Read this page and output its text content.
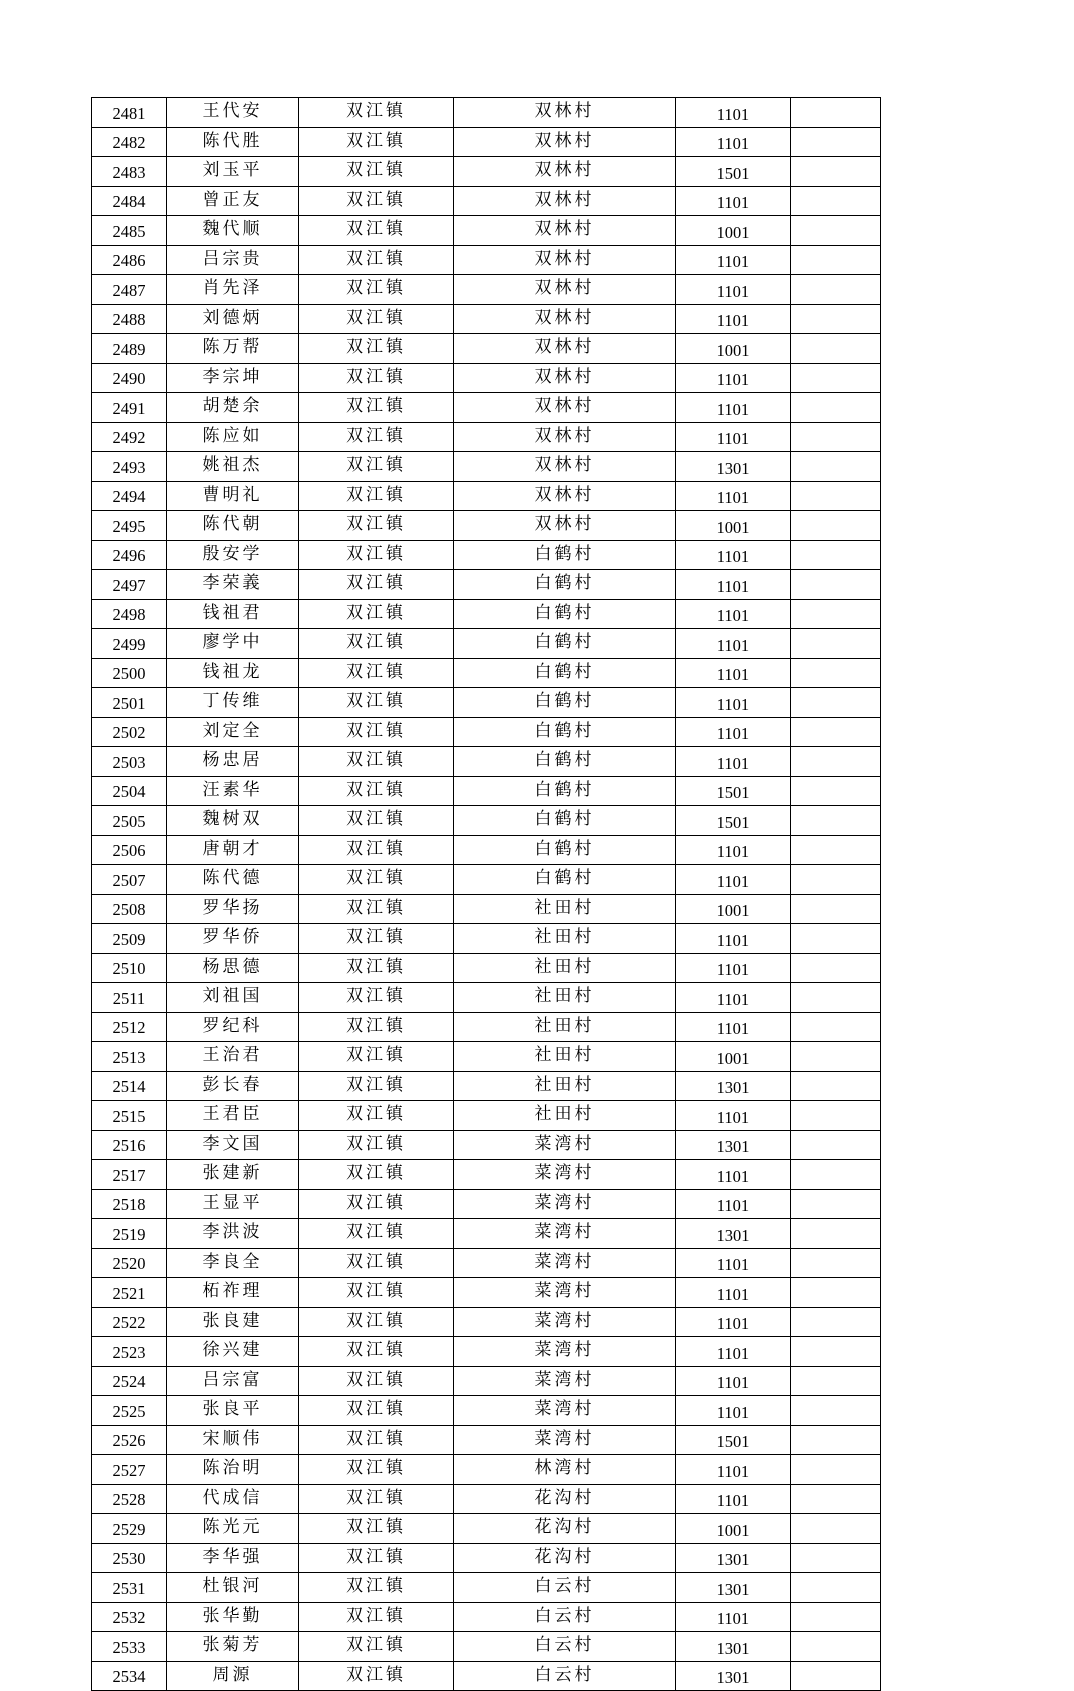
2481	王代安	双江镇	双林村	1101	
2482	陈代胜	双江镇	双林村	1101	
2483	刘玉平	双江镇	双林村	1501	
2484	曾正友	双江镇	双林村	1101	
2485	魏代顺	双江镇	双林村	1001	
2486	吕宗贵	双江镇	双林村	1101	
2487	肖先泽	双江镇	双林村	1101	
2488	刘德炳	双江镇	双林村	1101	
2489	陈万帮	双江镇	双林村	1001	
2490	李宗坤	双江镇	双林村	1101	
2491	胡楚余	双江镇	双林村	1101	
2492	陈应如	双江镇	双林村	1101	
2493	姚祖杰	双江镇	双林村	1301	
2494	曹明礼	双江镇	双林村	1101	
2495	陈代朝	双江镇	双林村	1001	
2496	殷安学	双江镇	白鹤村	1101	
2497	李荣義	双江镇	白鹤村	1101	
2498	钱祖君	双江镇	白鹤村	1101	
2499	廖学中	双江镇	白鹤村	1101	
2500	钱祖龙	双江镇	白鹤村	1101	
2501	丁传维	双江镇	白鹤村	1101	
2502	刘定全	双江镇	白鹤村	1101	
2503	杨忠居	双江镇	白鹤村	1101	
2504	汪素华	双江镇	白鹤村	1501	
2505	魏树双	双江镇	白鹤村	1501	
2506	唐朝才	双江镇	白鹤村	1101	
2507	陈代德	双江镇	白鹤村	1101	
2508	罗华扬	双江镇	社田村	1001	
2509	罗华侨	双江镇	社田村	1101	
2510	杨思德	双江镇	社田村	1101	
2511	刘祖国	双江镇	社田村	1101	
2512	罗纪科	双江镇	社田村	1101	
2513	王治君	双江镇	社田村	1001	
2514	彭长春	双江镇	社田村	1301	
2515	王君臣	双江镇	社田村	1101	
2516	李文国	双江镇	菜湾村	1301	
2517	张建新	双江镇	菜湾村	1101	
2518	王显平	双江镇	菜湾村	1101	
2519	李洪波	双江镇	菜湾村	1301	
2520	李良全	双江镇	菜湾村	1101	
2521	柘祚理	双江镇	菜湾村	1101	
2522	张良建	双江镇	菜湾村	1101	
2523	徐兴建	双江镇	菜湾村	1101	
2524	吕宗富	双江镇	菜湾村	1101	
2525	张良平	双江镇	菜湾村	1101	
2526	宋顺伟	双江镇	菜湾村	1501	
2527	陈治明	双江镇	林湾村	1101	
2528	代成信	双江镇	花沟村	1101	
2529	陈光元	双江镇	花沟村	1001	
2530	李华强	双江镇	花沟村	1301	
2531	杜银河	双江镇	白云村	1301	
2532	张华勤	双江镇	白云村	1101	
2533	张菊芳	双江镇	白云村	1301	
2534	周源	双江镇	白云村	1301	
